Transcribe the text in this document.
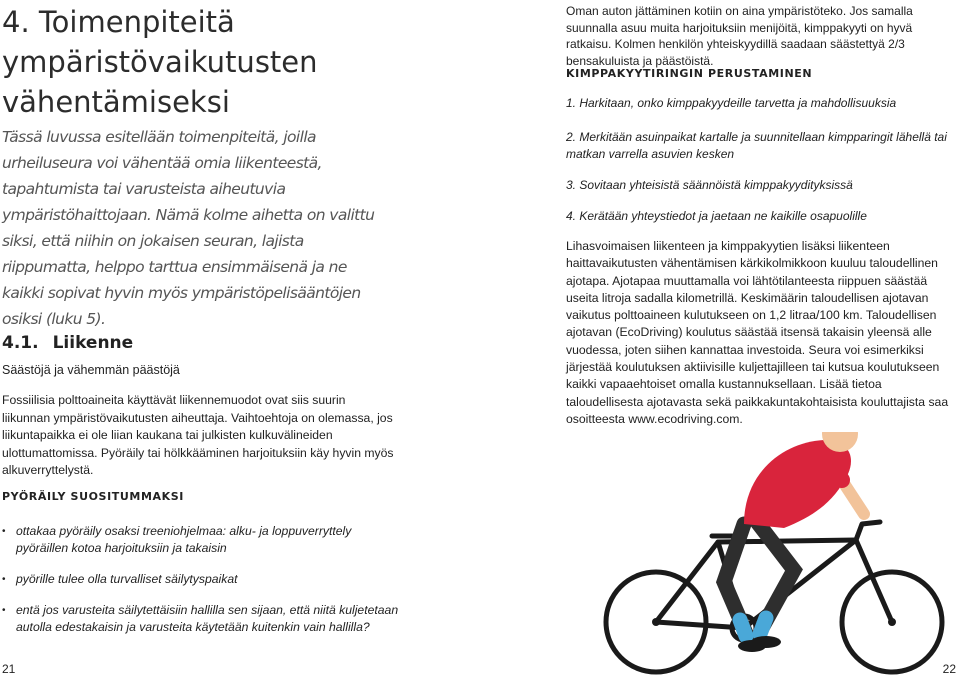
4. Toimenpiteitä
ympäristövaikutusten
vähentämiseksi

Tässä luvussa esitellään toimenpiteitä, joilla urheiluseura voi vähentää omia liikenteestä, tapahtumista tai varusteista aiheutuvia ympäristöhaittojaan. Nämä kolme aihetta on valittu siksi, että niihin on jokaisen seuran, lajista riippumatta, helppo tarttua ensimmäisenä ja ne kaikki sopivat hyvin myös ympäristöpelisääntöjen osiksi (luku 5).

4.1. Liikenne

Säästöjä ja vähemmän päästöjä

Fossiilisia polttoaineita käyttävät liikennemuodot ovat siis suurin liikunnan ympäristövaikutusten aiheuttaja. Vaihtoehtoja on olemassa, jos liikuntapaikka ei ole liian kaukana tai julkisten kulkuvälineiden ulottumattomissa. Pyöräily tai hölkkääminen harjoituksiin käy hyvin myös alkuverryttelystä.

PYÖRÄILY SUOSITUMMAKSI
• ottakaa pyöräily osaksi treeniohjelmaa: alku- ja loppuverryttely pyöräillen kotoa harjoituksiin ja takaisin
• pyörille tulee olla turvalliset säilytyspaikat
• entä jos varusteita säilytettäisiin hallilla sen sijaan, että niitä kuljetetaan autolla edestakaisin ja varusteita käytetään kuitenkin vain hallilla?
21

Oman auton jättäminen kotiin on aina ympäristöteko. Jos samalla suunnalla asuu muita harjoituksiin menijöitä, kimppakyyti on hyvä ratkaisu. Kolmen henkilön yhteiskyydillä saadaan säästettyä 2/3 bensakuluista ja päästöistä.

KIMPPAKYYTIRINGIN PERUSTAMINEN
1. Harkitaan, onko kimppakyydeille tarvetta ja mahdollisuuksia
2. Merkitään asuinpaikat kartalle ja suunnitellaan kimpparingit lähellä tai matkan varrella asuvien kesken
3. Sovitaan yhteisistä säännöistä kimppakyydityksissä
4. Kerätään yhteystiedot ja jaetaan ne kaikille osapuolille

Lihasvoimaisen liikenteen ja kimppakyytien lisäksi liikenteen haittavaikutusten vähentämisen kärkikolmikkoon kuuluu taloudellinen ajotapa. Ajotapaa muuttamalla voi lähtötilanteesta riippuen säästää useita litroja sadalla kilometrillä. Keskimäärin taloudellisen ajotavan vaikutus polttoaineen kulutukseen on 1,2 litraa/100 km. Taloudellisen ajotavan (EcoDriving) koulutus säästää itsensä takaisin yleensä alle vuodessa, joten siihen kannattaa investoida. Seura voi esimerkiksi järjestää koulutuksen aktiivisille kuljettajilleen tai kutsua koulutukseen kaikki vapaaehtoiset omalla kustannuksellaan. Lisää tietoa taloudellisesta ajotavasta sekä paikkakuntakohtaisista kouluttajista saa osoitteesta www.ecodriving.com.

22
